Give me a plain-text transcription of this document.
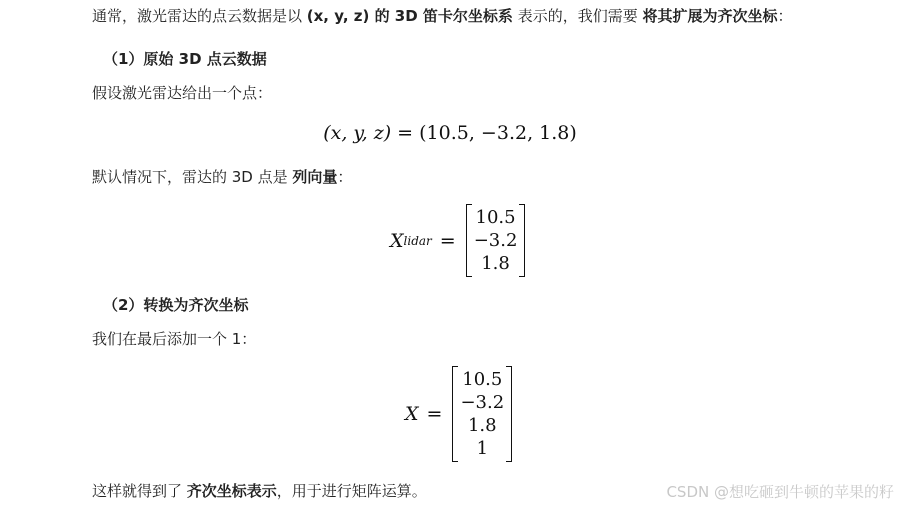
通常，激光雷达的点云数据是以 (x, y, z) 的 3D 笛卡尔坐标系 表示的，我们需要 将其扩展为齐次坐标：
（1）原始 3D 点云数据
假设激光雷达给出一个点：
(x, y, z) = (10.5, −3.2, 1.8)
默认情况下，雷达的 3D 点是 列向量：
X lidar =
10.5
−3.2
1.8
（2）转换为齐次坐标
我们在最后添加一个 1：
X =
10.5
−3.2
1.8
1
这样就得到了 齐次坐标表示，用于进行矩阵运算。	CSDN @想吃砸到牛顿的苹果的籽
